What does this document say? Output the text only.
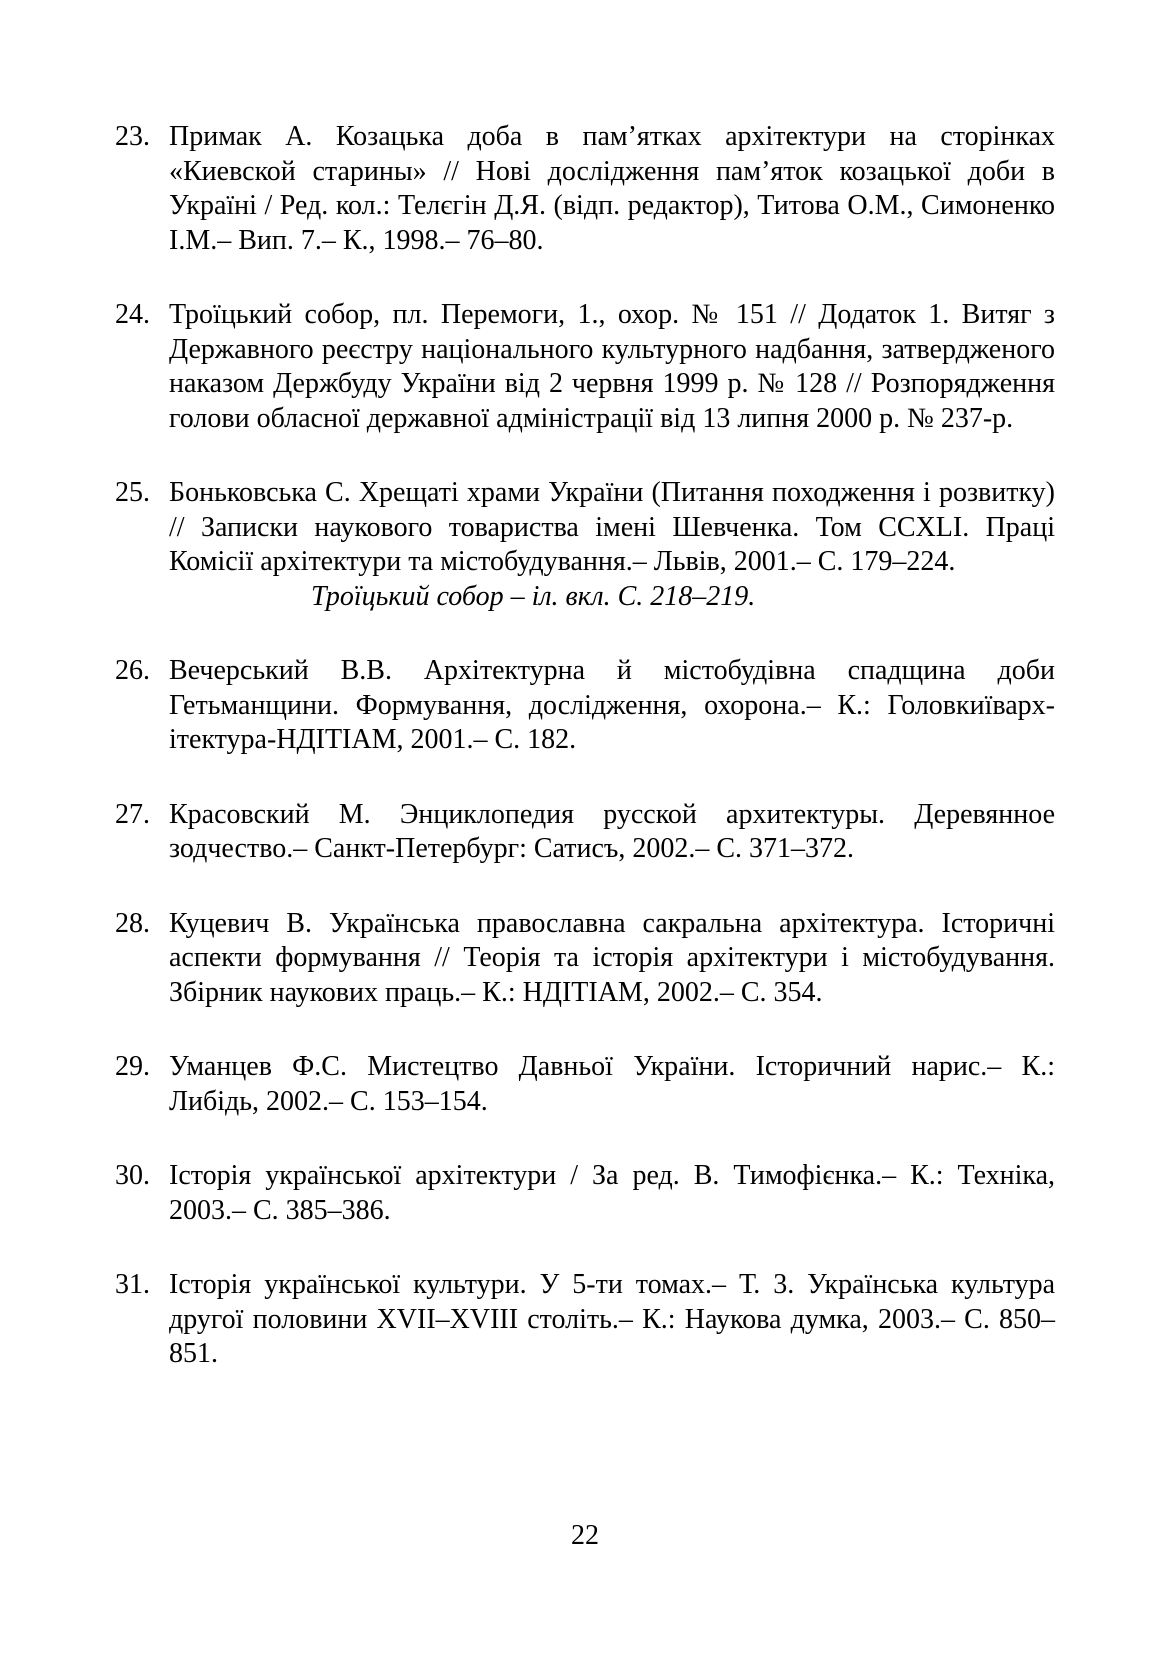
23. Примак А. Козацька доба в пам’ятках архітектури на сторінках «Киевской старины» // Нові дослідження пам’яток козацької доби в Україні / Ред. кол.: Телєгін Д.Я. (відп. редактор), Титова О.М., Симоненко І.М.– Вип. 7.– К., 1998.– 76–80.

24. Троїцький собор, пл. Перемоги, 1., охор. № 151 // Додаток 1. Витяг з Державного реєстру національного культурного надбання, затвердженого наказом Держбуду України від 2 червня 1999 р. № 128 // Розпорядження голови обласної державної адміністрації від 13 липня 2000 р. № 237-р.

25. Боньковська С. Хрещаті храми України (Питання походження і розвитку) // Записки наукового товариства імені Шевченка. Том CCXLI. Праці Комісії архітектури та містобудування.– Львів, 2001.– С. 179–224.

Троїцький собор – іл. вкл. С. 218–219.

26. Вечерський В.В. Архітектурна й містобудівна спадщина доби Гетьманщини. Формування, дослідження, охорона.– К.: Головкиївархітектура-НДІТІАМ, 2001.– С. 182.

27. Красовский М. Энциклопедия русской архитектуры. Деревянное зодчество.– Санкт-Петербург: Сатисъ, 2002.– С. 371–372.

28. Куцевич В. Українська православна сакральна архітектура. Історичні аспекти формування // Теорія та історія архітектури і містобудування. Збірник наукових праць.– К.: НДІТІАМ, 2002.– С. 354.

29. Уманцев Ф.С. Мистецтво Давньої України. Історичний нарис.– К.: Либідь, 2002.– С. 153–154.

30. Історія української архітектури / За ред. В. Тимофієнка.– К.: Техніка, 2003.– С. 385–386.

31. Історія української культури. У 5-ти томах.– Т. 3. Українська культура другої половини XVII–XVIII століть.– К.: Наукова думка, 2003.– С. 850–851.

22
